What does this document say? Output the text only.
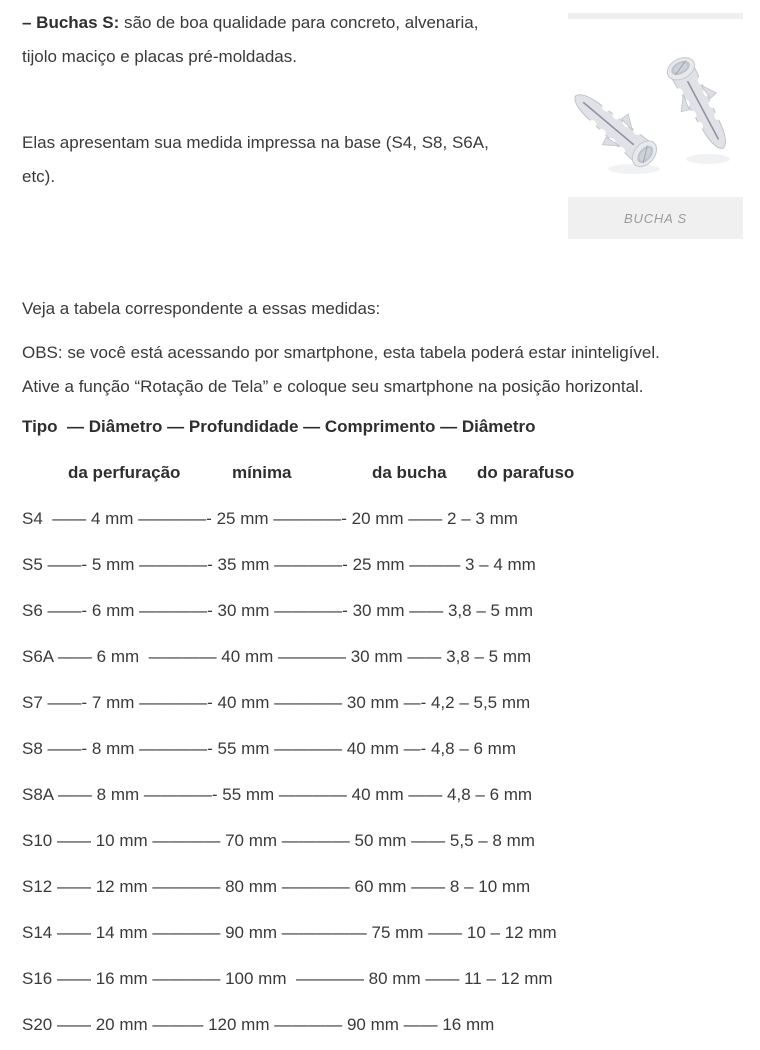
BUCHA S

– Buchas S: são de boa qualidade para concreto, alvenaria,
tijolo maciço e placas pré-moldadas.

Elas apresentam sua medida impressa na base (S4, S8, S6A,
etc).

Veja a tabela correspondente a essas medidas:

OBS: se você está acessando por smartphone, esta tabela poderá estar ininteligível.
Ative a função “Rotação de Tela” e coloque seu smartphone na posição horizontal.

Tipo  — Diâmetro — Profundidade — Comprimento — Diâmetro
da perfuração	mínima	da bucha do parafuso
S4  —— 4 mm ————- 25 mm ————- 20 mm —— 2 – 3 mm
S5 ——- 5 mm ————- 35 mm ————- 25 mm ——— 3 – 4 mm
S6 ——- 6 mm ————- 30 mm ————- 30 mm —— 3,8 – 5 mm
S6A —— 6 mm  ———— 40 mm ———— 30 mm —— 3,8 – 5 mm
S7 ——- 7 mm ————- 40 mm ———— 30 mm —- 4,2 – 5,5 mm
S8 ——- 8 mm ————- 55 mm ———— 40 mm —- 4,8 – 6 mm
S8A —— 8 mm ————- 55 mm ———— 40 mm —— 4,8 – 6 mm
S10 —— 10 mm ———— 70 mm ———— 50 mm —— 5,5 – 8 mm
S12 —— 12 mm ———— 80 mm ———— 60 mm —— 8 – 10 mm
S14 —— 14 mm ———— 90 mm ————— 75 mm —— 10 – 12 mm
S16 —— 16 mm ———— 100 mm  ———— 80 mm —— 11 – 12 mm
S20 —— 20 mm ——— 120 mm ———— 90 mm —— 16 mm
